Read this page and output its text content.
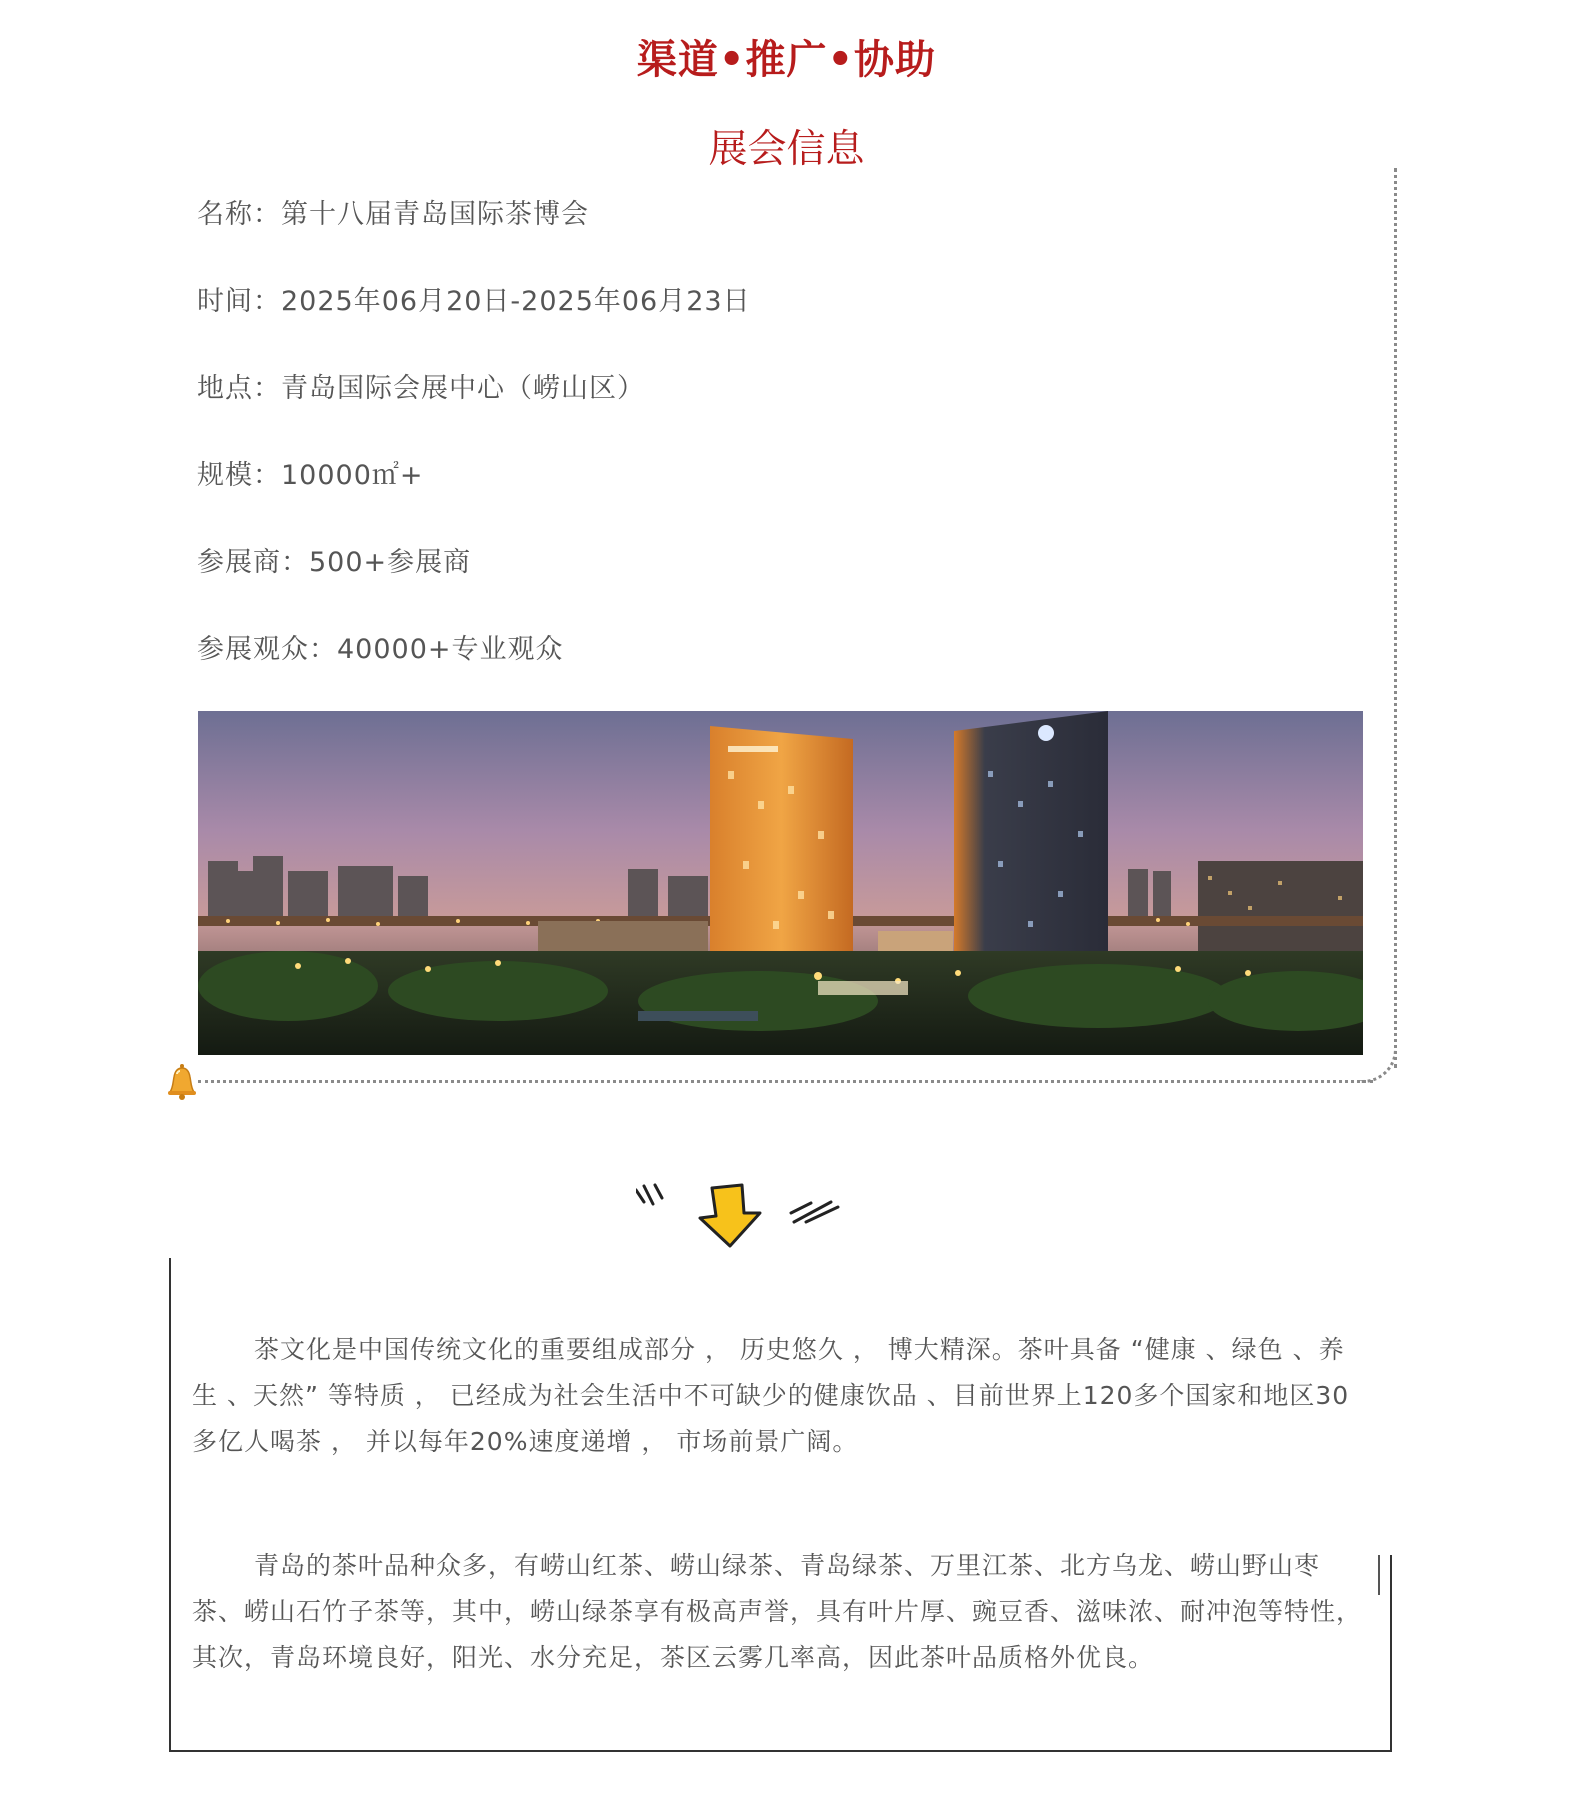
渠道•推广•协助
展会信息
名称：第十八届青岛国际茶博会
时间：2025年06月20日-2025年06月23日
地点：青岛国际会展中心（崂山区）
规模：10000㎡+
参展商：500+参展商
参展观众：40000+专业观众

茶文化是中国传统文化的重要组成部分 ， 历史悠久 ， 博大精深。茶叶具备 “健康 、绿色 、养生 、天然” 等特质 ， 已经成为社会生活中不可缺少的健康饮品 、目前世界上120多个国家和地区30多亿人喝茶 ， 并以每年20%速度递增 ， 市场前景广阔。

青岛的茶叶品种众多，有崂山红茶、崂山绿茶、青岛绿茶、万里江茶、北方乌龙、崂山野山枣茶、崂山石竹子茶等，其中，崂山绿茶享有极高声誉，具有叶片厚、豌豆香、滋味浓、耐冲泡等特性，其次，青岛环境良好，阳光、水分充足，茶区云雾几率高，因此茶叶品质格外优良。
